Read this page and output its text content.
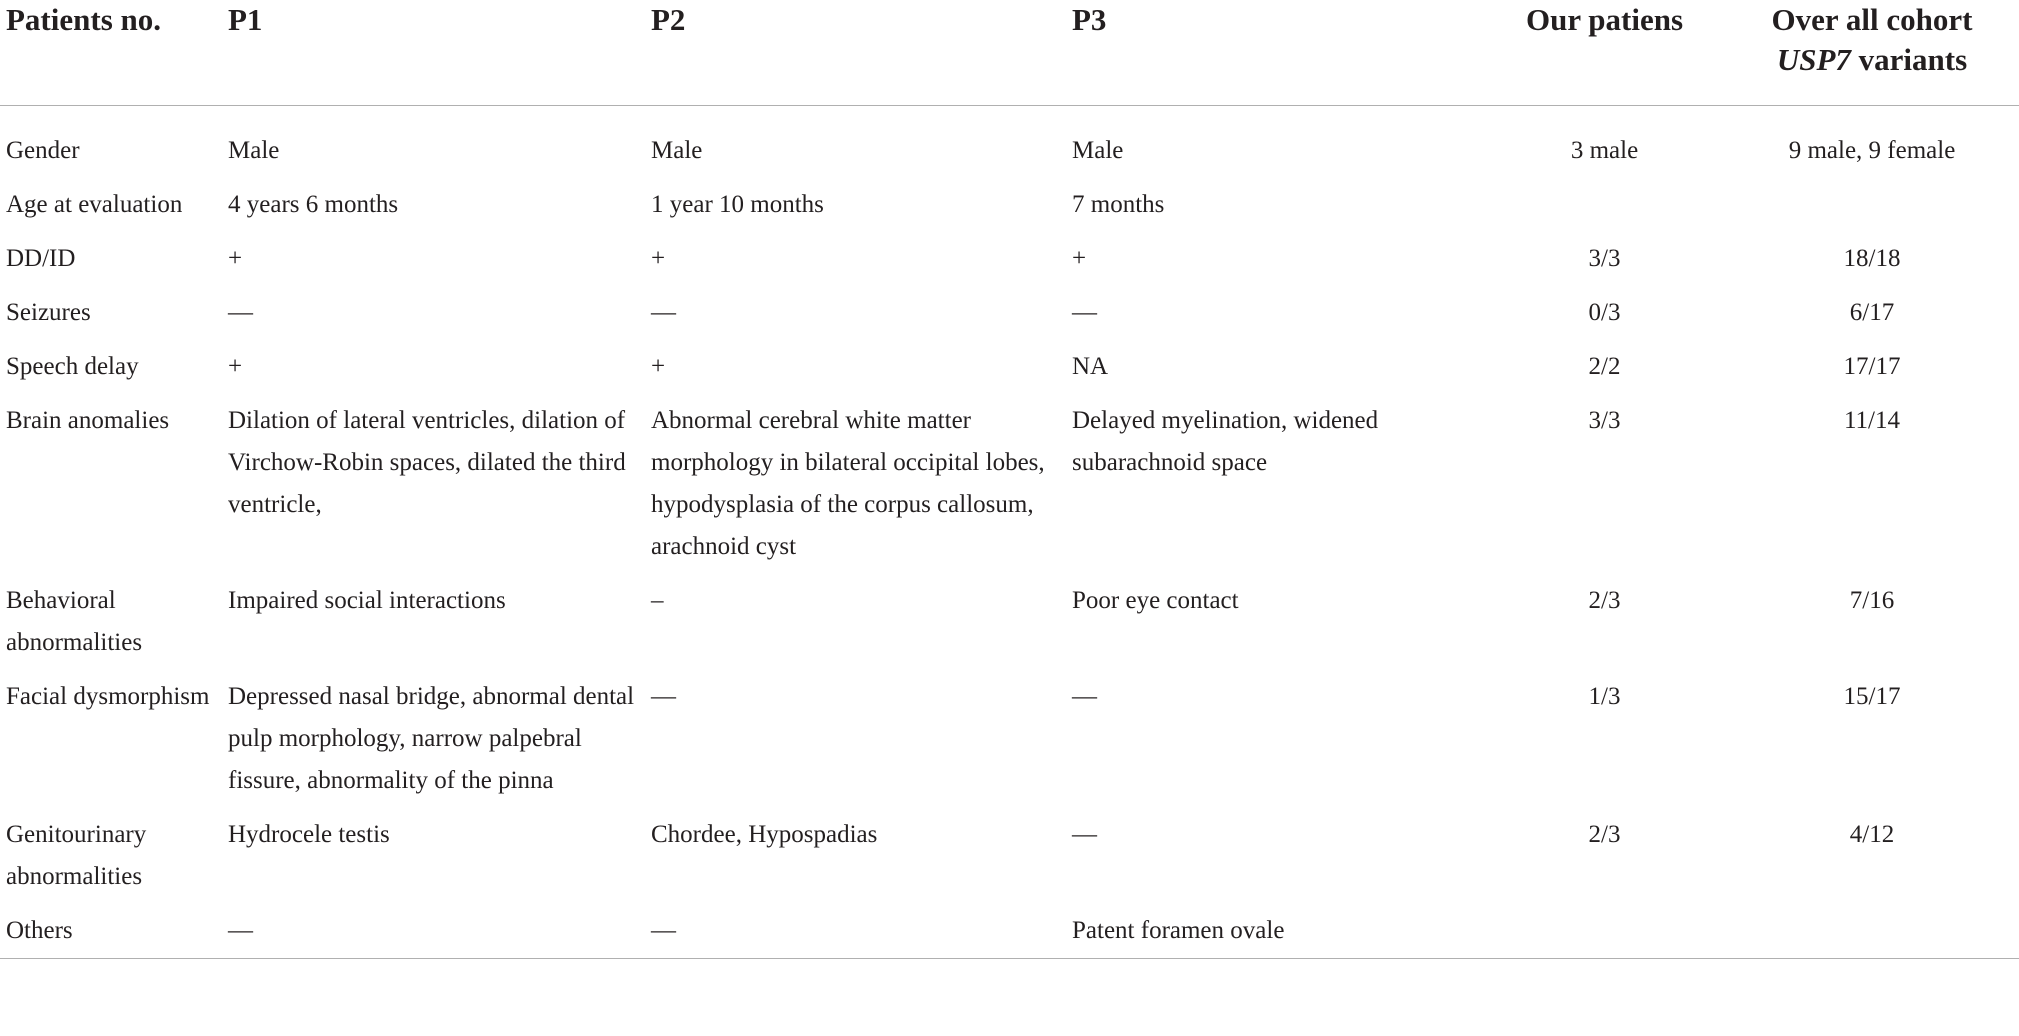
Patients no.	P1	P2	P3	Our patiens	Over all cohort USP7 variants
Gender	Male	Male	Male	3 male	9 male, 9 female
Age at evaluation	4 years 6 months	1 year 10 months	7 months		
DD/ID	+	+	+	3/3	18/18
Seizures	—	—	—	0/3	6/17
Speech delay	+	+	NA	2/2	17/17
Brain anomalies	Dilation of lateral ventricles, dilation of Virchow-Robin spaces, dilated the third ventricle,	Abnormal cerebral white matter morphology in bilateral occipital lobes, hypodysplasia of the corpus callosum, arachnoid cyst	Delayed myelination, widened subarachnoid space	3/3	11/14
Behavioral abnormalities	Impaired social interactions	–	Poor eye contact	2/3	7/16
Facial dysmorphism	Depressed nasal bridge, abnormal dental pulp morphology, narrow palpebral fissure, abnormality of the pinna	—	—	1/3	15/17
Genitourinary abnormalities	Hydrocele testis	Chordee, Hypospadias	—	2/3	4/12
Others	—	—	Patent foramen ovale		
